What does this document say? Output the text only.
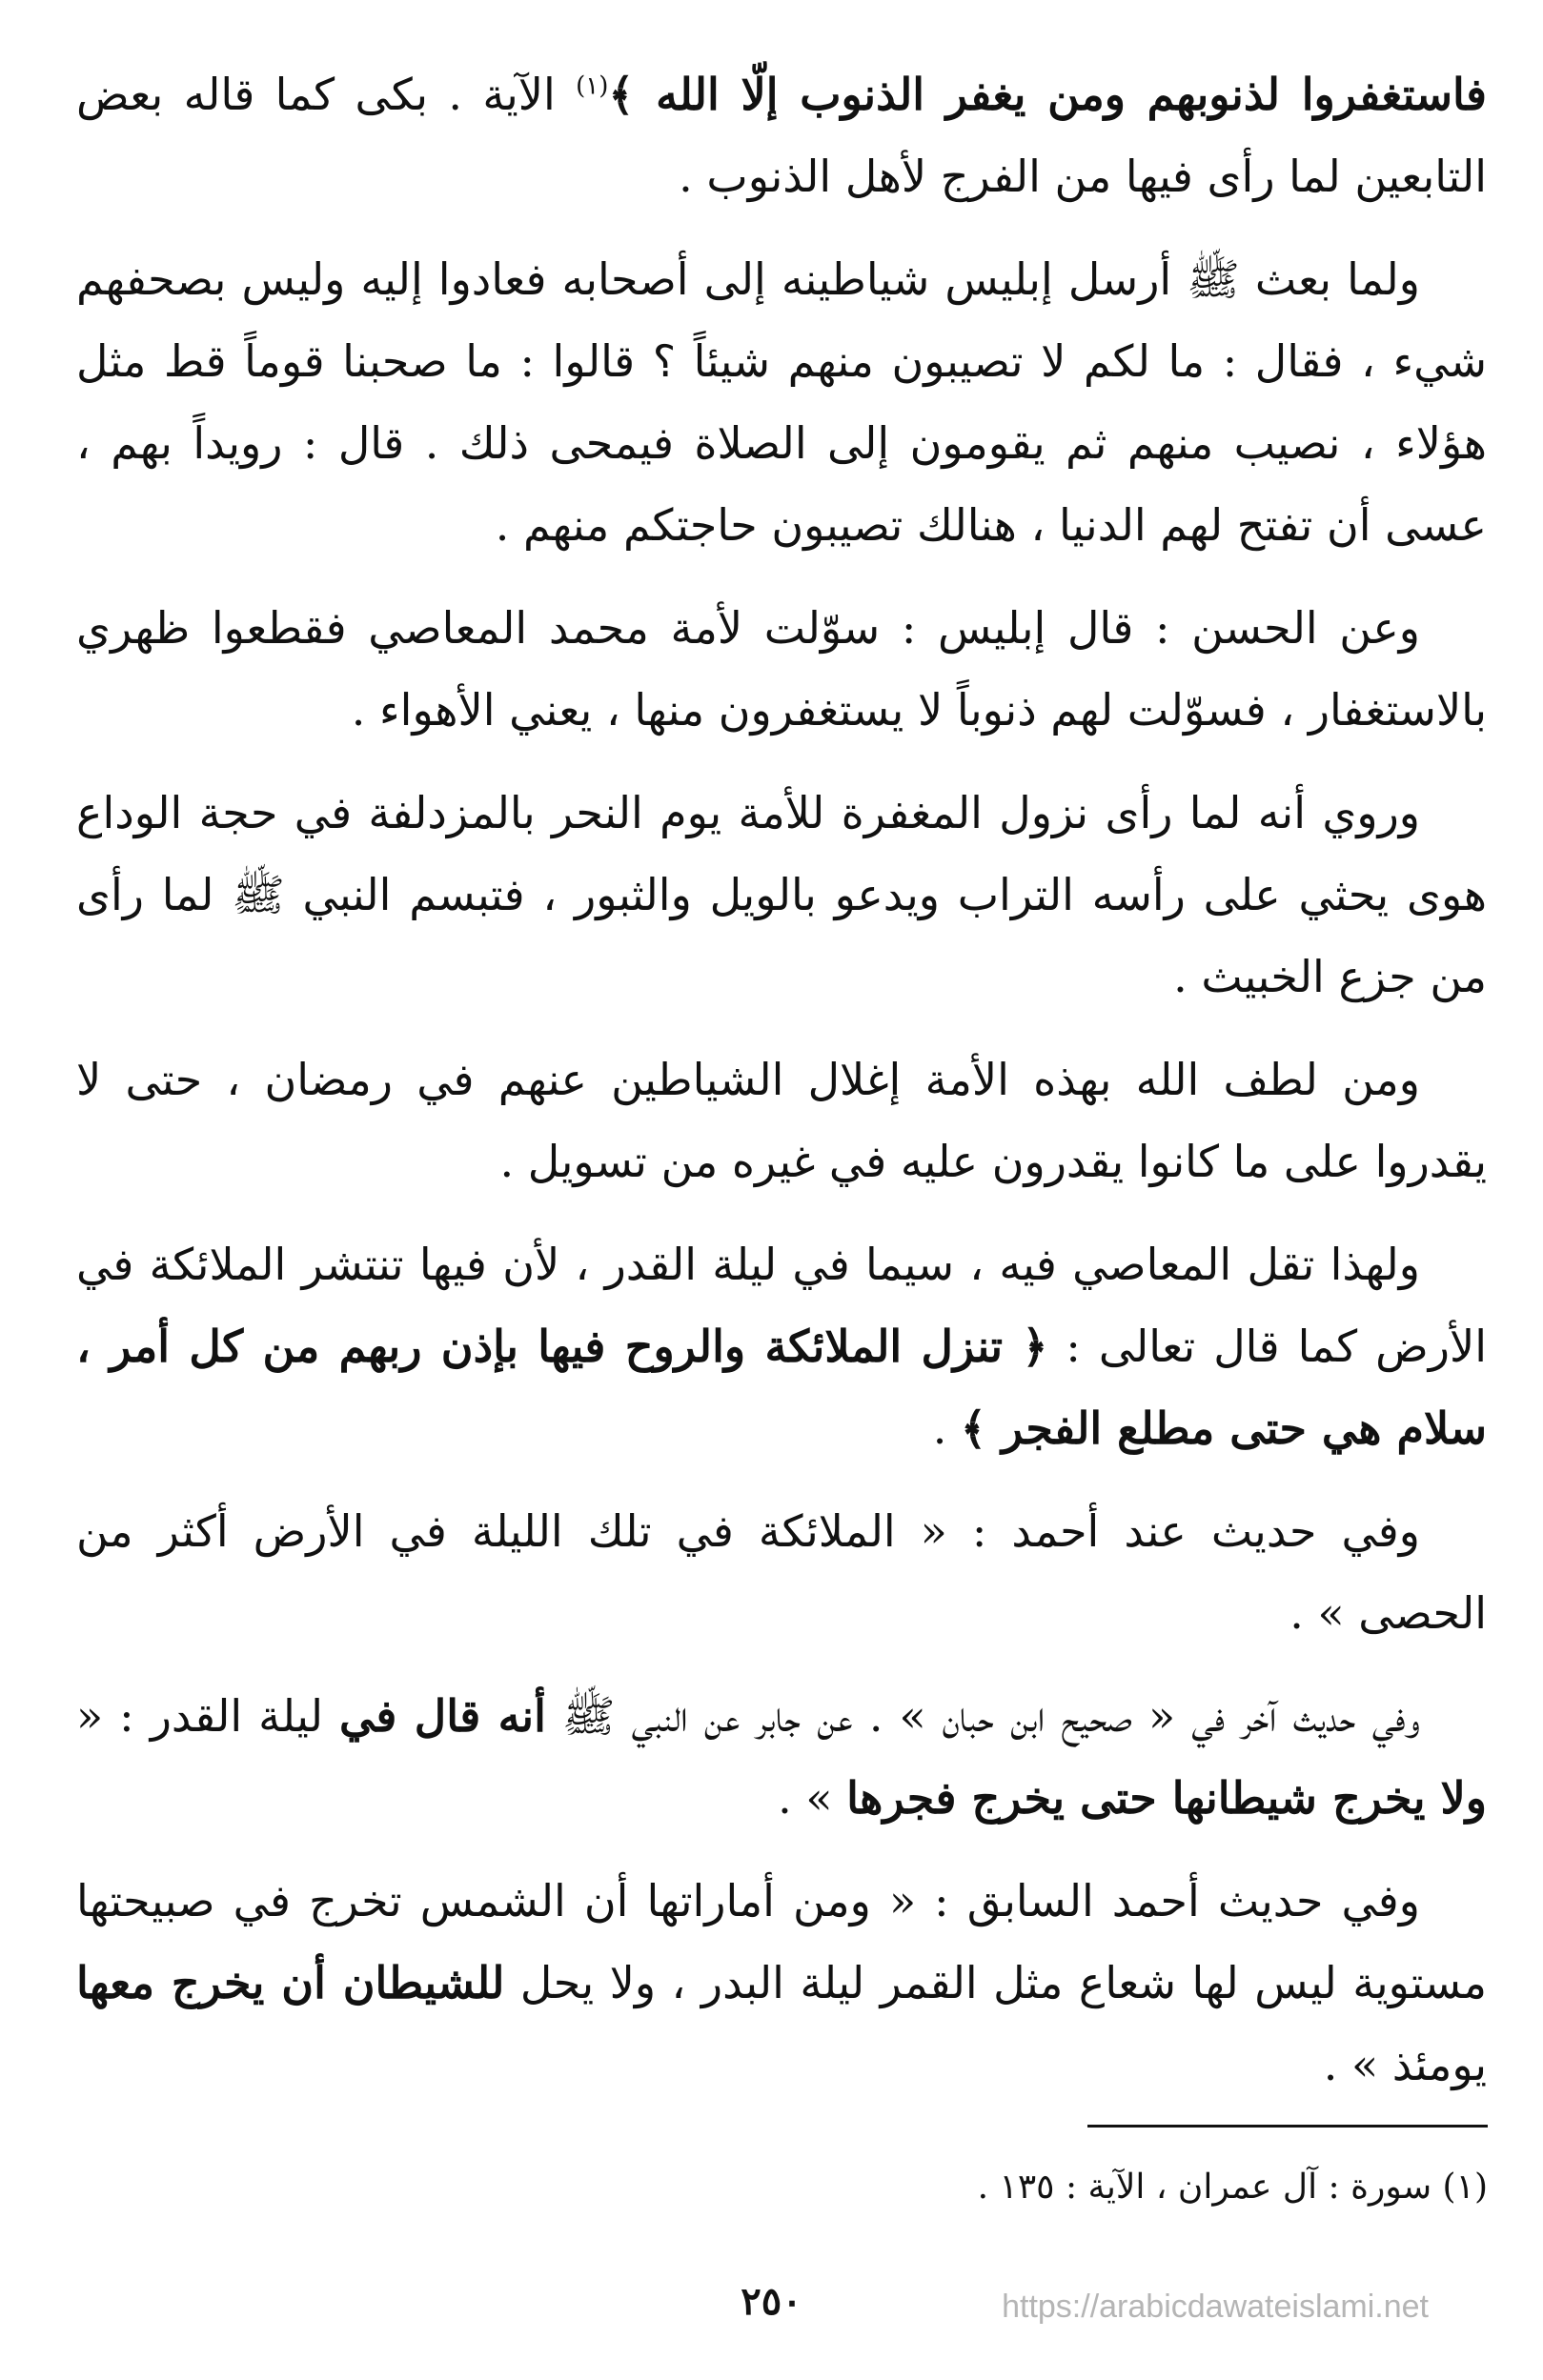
فاستغفروا لذنوبهم ومن يغفر الذنوب إلّا الله ﴾$^{(١)}$ الآية . بكى كما قاله بعض التابعين لما رأى فيها من الفرج لأهل الذنوب .

ولما بعث ﷺ أرسل إبليس شياطينه إلى أصحابه فعادوا إليه وليس بصحفهم شيء ، فقال : ما لكم لا تصيبون منهم شيئاً ؟ قالوا : ما صحبنا قوماً قط مثل هؤلاء ، نصيب منهم ثم يقومون إلى الصلاة فيمحى ذلك . قال : رويداً بهم ، عسى أن تفتح لهم الدنيا ، هنالك تصيبون حاجتكم منهم .

وعن الحسن : قال إبليس : سوّلت لأمة محمد المعاصي فقطعوا ظهري بالاستغفار ، فسوّلت لهم ذنوباً لا يستغفرون منها ، يعني الأهواء .

وروي أنه لما رأى نزول المغفرة للأمة يوم النحر بالمزدلفة في حجة الوداع هوى يحثي على رأسه التراب ويدعو بالويل والثبور ، فتبسم النبي ﷺ لما رأى من جزع الخبيث .

ومن لطف الله بهذه الأمة إغلال الشياطين عنهم في رمضان ، حتى لا يقدروا على ما كانوا يقدرون عليه في غيره من تسويل .

ولهذا تقل المعاصي فيه ، سيما في ليلة القدر ، لأن فيها تنتشر الملائكة في الأرض كما قال تعالى : ﴿ تنزل الملائكة والروح فيها بإذن ربهم من كل أمر ، سلام هي حتى مطلع الفجر ﴾ .

وفي حديث عند أحمد : « الملائكة في تلك الليلة في الأرض أكثر من الحصى » .

وفي حديث آخر في « صحيح ابن حبان » . عن جابر عن النبي ﷺ أنه قال في ليلة القدر : « ولا يخرج شيطانها حتى يخرج فجرها » .

وفي حديث أحمد السابق : « ومن أماراتها أن الشمس تخرج في صبيحتها مستوية ليس لها شعاع مثل القمر ليلة البدر ، ولا يحل للشيطان أن يخرج معها يومئذ » .

(١) سورة : آل عمران ، الآية : ١٣٥ .
٢٥٠	https://arabicdawateislami.net
